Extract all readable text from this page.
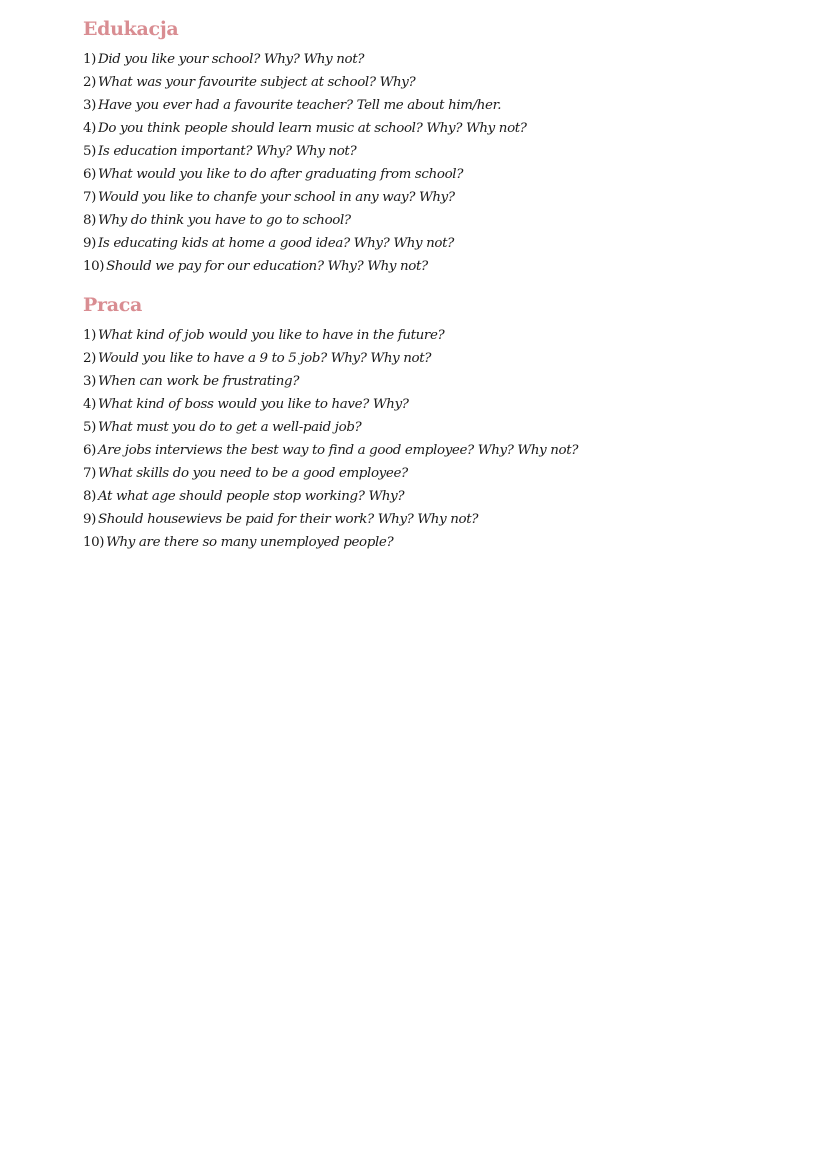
Edukacja
1) Did you like your school? Why? Why not?
2) What was your favourite subject at school? Why?
3) Have you ever had a favourite teacher? Tell me about him/her.
4) Do you think people should learn music at school? Why? Why not?
5) Is education important? Why? Why not?
6) What would you like to do after graduating from school?
7) Would you like to chanfe your school in any way? Why?
8) Why do think you have to go to school?
9) Is educating kids at home a good idea? Why? Why not?
10) Should we pay for our education? Why? Why not?
Praca
1) What kind of job would you like to have in the future?
2) Would you like to have a 9 to 5 job? Why? Why not?
3) When can work be frustrating?
4) What kind of boss would you like to have? Why?
5) What must you do to get a well-paid job?
6) Are jobs interviews the best way to find a good employee? Why? Why not?
7) What skills do you need to be a good employee?
8) At what age should people stop working? Why?
9) Should housewievs be paid for their work? Why? Why not?
10) Why are there so many unemployed people?
